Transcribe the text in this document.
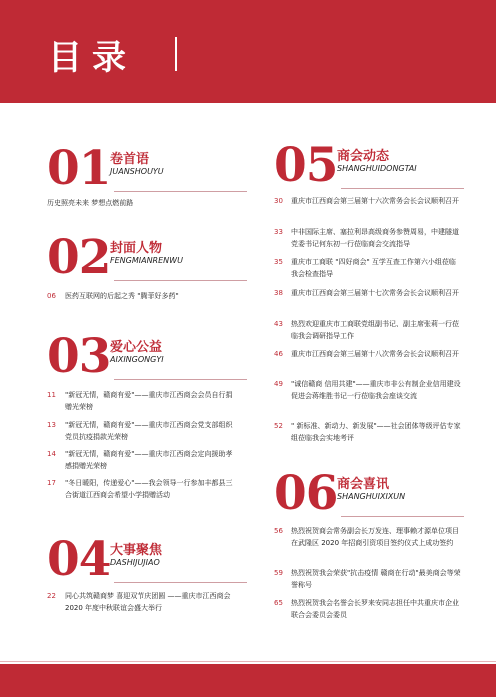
目录
01 卷首语
JUANSHOUYU
02 封面人物
FENGMIANRENWU
03 爱心公益
AIXINGONGYI
04 大事聚焦
DASHIJUJIAO
历史照亮未来 梦想点燃前路
06 医药互联网的后起之秀 "腾菲好多药"
11 "新冠无情，赣商有爱"——重庆市江西商会会员自行捐赠光荣榜
13 "新冠无情，赣商有爱"——重庆市江西商会党支部组织党员抗疫捐款光荣榜
14 "新冠无情，赣商有爱"——重庆市江西商会定向援助孝感捐赠光荣榜
17 "冬日暖阳，传递爱心"——我会领导一行参加丰都县三合街道江西商会希望小学捐赠活动
22 同心共筑赣商梦 喜迎双节庆团圆 ——重庆市江西商会 2020 年度中秋联谊会盛大举行
05 商会动态
SHANGHUIDONGTAI
06 商会喜讯
SHANGHUIXIXUN
30 重庆市江西商会第三届第十六次常务会长会议顺利召开
33 中非国际主席、塞拉利昂高级商务参赞周易，中建隧道党委书记何东初一行莅临商会交流指导
35 重庆市工商联 "四好商会" 互学互查工作第六小组莅临我会检查指导
38 重庆市江西商会第三届第十七次常务会长会议顺利召开
43 热烈欢迎重庆市工商联党组副书记、副主席张莉一行莅临我会调研指导工作
46 重庆市江西商会第三届第十八次常务会长会议顺利召开
49 "诚信赣商 信用共建"——重庆市非公有制企业信用建设促进会蒋维胜书记一行莅临我会座谈交流
52 " 新标准、新动力、新发展"——社会团体等级评估专家组莅临我会实地考评
56 热烈祝贺商会常务副会长万发连、理事赖才源单位项目在武隆区 2020 年招商引资项目签约仪式上成功签约
59 热烈祝贺我会荣获"抗击疫情 赣商在行动"最美商会等荣誉称号
65 热烈祝贺我会名誉会长罗来安同志担任中共重庆市企业联合会委员会委员
